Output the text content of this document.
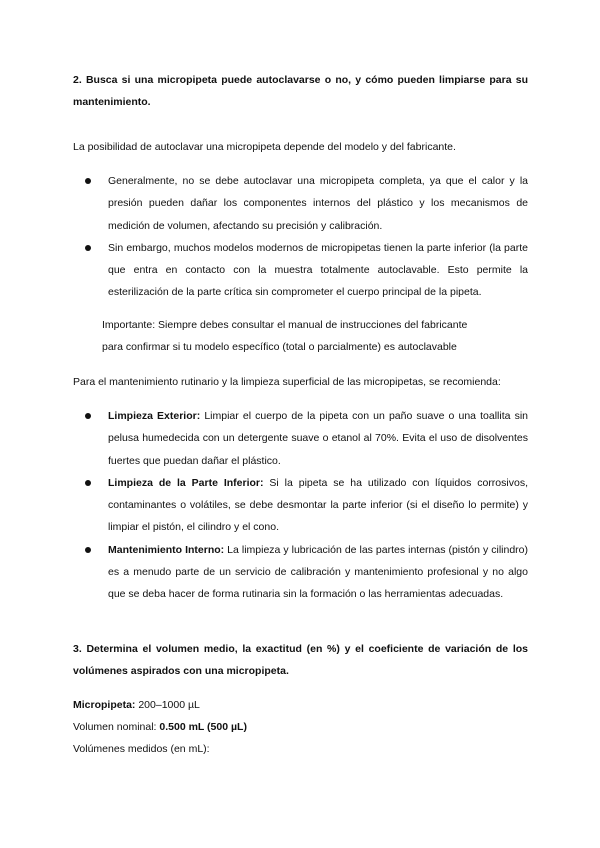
2. Busca si una micropipeta puede autoclavarse o no, y cómo pueden limpiarse para su mantenimiento.
La posibilidad de autoclavar una micropipeta depende del modelo y del fabricante.
Generalmente, no se debe autoclavar una micropipeta completa, ya que el calor y la presión pueden dañar los componentes internos del plástico y los mecanismos de medición de volumen, afectando su precisión y calibración.
Sin embargo, muchos modelos modernos de micropipetas tienen la parte inferior (la parte que entra en contacto con la muestra totalmente autoclavable. Esto permite la esterilización de la parte crítica sin comprometer el cuerpo principal de la pipeta.
Importante: Siempre debes consultar el manual de instrucciones del fabricante
para confirmar si tu modelo específico (total o parcialmente) es autoclavable
Para el mantenimiento rutinario y la limpieza superficial de las micropipetas, se recomienda:
Limpieza Exterior: Limpiar el cuerpo de la pipeta con un paño suave o una toallita sin pelusa humedecida con un detergente suave o etanol al 70%. Evita el uso de disolventes fuertes que puedan dañar el plástico.
Limpieza de la Parte Inferior: Si la pipeta se ha utilizado con líquidos corrosivos, contaminantes o volátiles, se debe desmontar la parte inferior (si el diseño lo permite) y limpiar el pistón, el cilindro y el cono.
Mantenimiento Interno: La limpieza y lubricación de las partes internas (pistón y cilindro) es a menudo parte de un servicio de calibración y mantenimiento profesional y no algo que se deba hacer de forma rutinaria sin la formación o las herramientas adecuadas.
3. Determina el volumen medio, la exactitud (en %) y el coeficiente de variación de los volúmenes aspirados con una micropipeta.
Micropipeta: 200–1000 µL
Volumen nominal: 0.500 mL (500 µL)
Volúmenes medidos (en mL):
